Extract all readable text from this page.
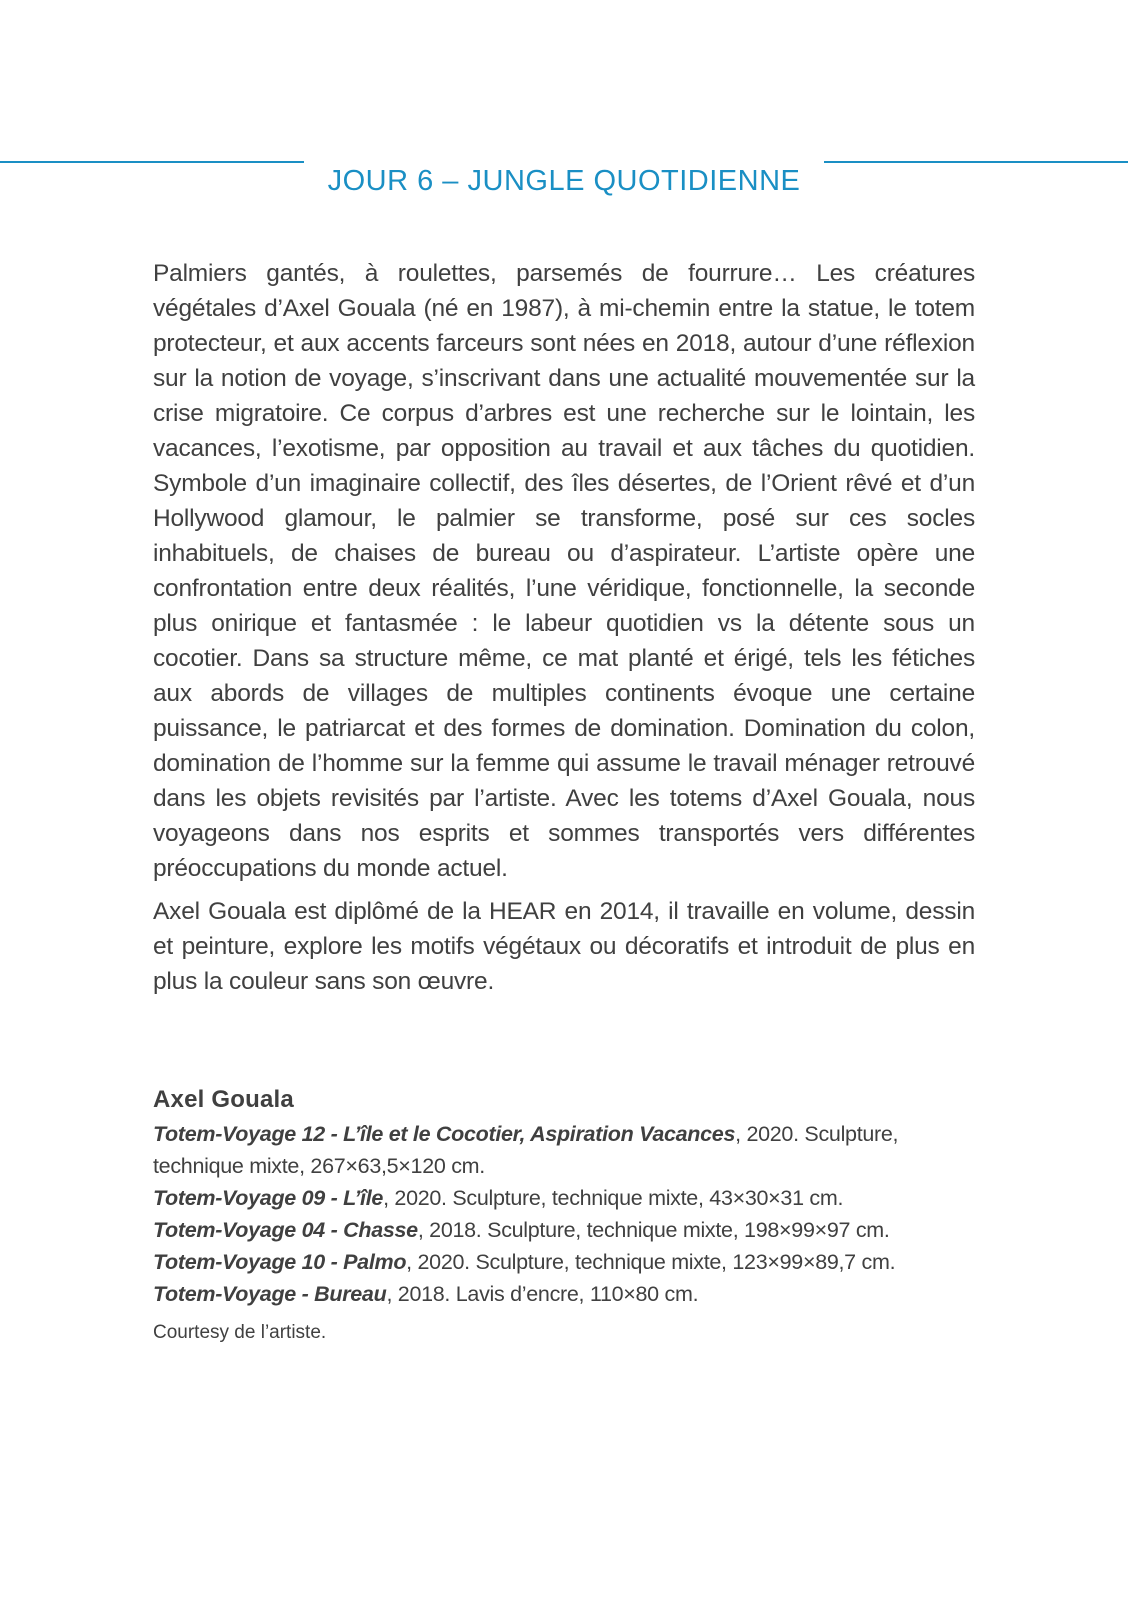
JOUR 6 – JUNGLE QUOTIDIENNE

Palmiers gantés, à roulettes, parsemés de fourrure… Les créatures végétales d’Axel Gouala (né en 1987), à mi-chemin entre la statue, le totem protecteur, et aux accents farceurs sont nées en 2018, autour d’une réflexion sur la notion de voyage, s’inscrivant dans une actualité mouvementée sur la crise migratoire. Ce corpus d’arbres est une recherche sur le lointain, les vacances, l’exotisme, par opposition au travail et aux tâches du quotidien. Symbole d’un imaginaire collectif, des îles désertes, de l’Orient rêvé et d’un Hollywood glamour, le palmier se transforme, posé sur ces socles inhabituels, de chaises de bureau ou d’aspirateur. L’artiste opère une confrontation entre deux réalités, l’une véridique, fonctionnelle, la seconde plus onirique et fantasmée : le labeur quotidien vs la détente sous un cocotier. Dans sa structure même, ce mat planté et érigé, tels les fétiches aux abords de villages de multiples continents évoque une certaine puissance, le patriarcat et des formes de domination. Domination du colon, domination de l’homme sur la femme qui assume le travail ménager retrouvé dans les objets revisités par l’artiste. Avec les totems d’Axel Gouala, nous voyageons dans nos esprits et sommes transportés vers différentes préoccupations du monde actuel.

Axel Gouala est diplômé de la HEAR en 2014, il travaille en volume, dessin et peinture, explore les motifs végétaux ou décoratifs et introduit de plus en plus la couleur sans son œuvre.

Axel Gouala

Totem-Voyage 12 - L’île et le Cocotier, Aspiration Vacances, 2020. Sculpture, technique mixte, 267×63,5×120 cm.

Totem-Voyage 09 - L’île, 2020. Sculpture, technique mixte, 43×30×31 cm.

Totem-Voyage 04 - Chasse, 2018. Sculpture, technique mixte, 198×99×97 cm.

Totem-Voyage 10 - Palmo, 2020. Sculpture, technique mixte, 123×99×89,7 cm.

Totem-Voyage - Bureau, 2018. Lavis d’encre, 110×80 cm.

Courtesy de l’artiste.
